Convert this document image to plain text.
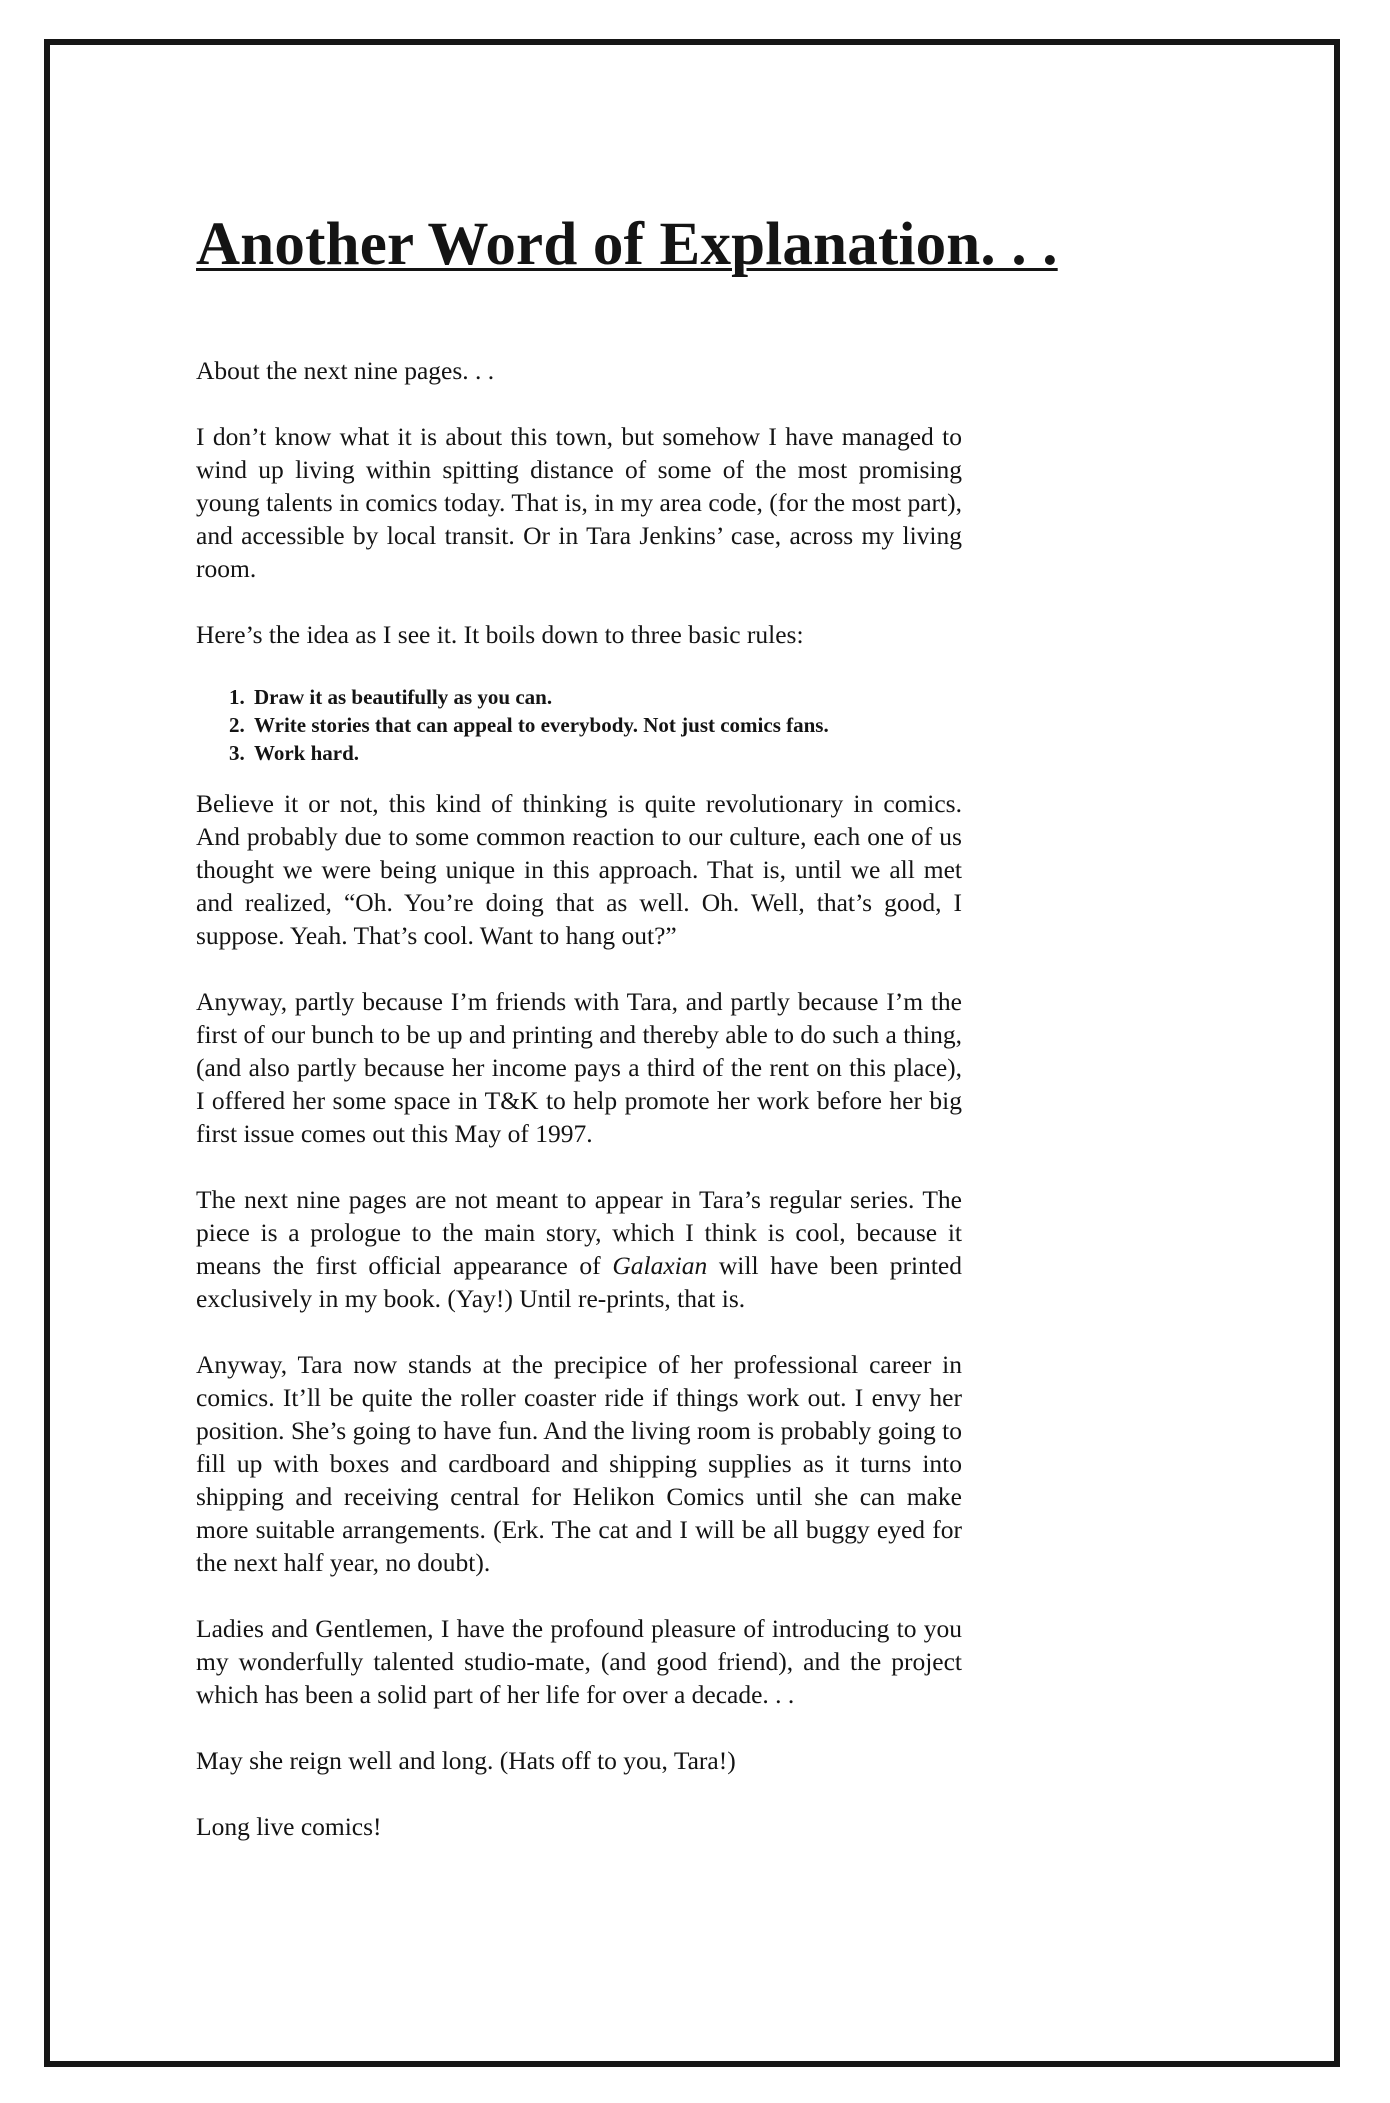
Another Word of Explanation. . .

About the next nine pages. . .

I don’t know what it is about this town, but somehow I have managed to wind up living within spitting distance of some of the most promising young talents in comics today. That is, in my area code, (for the most part), and accessible by local transit. Or in Tara Jenkins’ case, across my living room.

Here’s the idea as I see it. It boils down to three basic rules:

1. Draw it as beautifully as you can.
2. Write stories that can appeal to everybody. Not just comics fans.
3. Work hard.

Believe it or not, this kind of thinking is quite revolutionary in comics. And probably due to some common reaction to our culture, each one of us thought we were being unique in this approach. That is, until we all met and realized, “Oh. You’re doing that as well. Oh. Well, that’s good, I suppose. Yeah. That’s cool. Want to hang out?”

Anyway, partly because I’m friends with Tara, and partly because I’m the first of our bunch to be up and printing and thereby able to do such a thing, (and also partly because her income pays a third of the rent on this place), I offered her some space in T&K to help promote her work before her big first issue comes out this May of 1997.

The next nine pages are not meant to appear in Tara’s regular series. The piece is a prologue to the main story, which I think is cool, because it means the first official appearance of Galaxian will have been printed exclusively in my book. (Yay!) Until re-prints, that is.

Anyway, Tara now stands at the precipice of her professional career in comics. It’ll be quite the roller coaster ride if things work out. I envy her position. She’s going to have fun. And the living room is probably going to fill up with boxes and cardboard and shipping supplies as it turns into shipping and receiving central for Helikon Comics until she can make more suitable arrangements. (Erk. The cat and I will be all buggy eyed for the next half year, no doubt).

Ladies and Gentlemen, I have the profound pleasure of introducing to you my wonderfully talented studio-mate, (and good friend), and the project which has been a solid part of her life for over a decade. . .

May she reign well and long. (Hats off to you, Tara!)

Long live comics!
